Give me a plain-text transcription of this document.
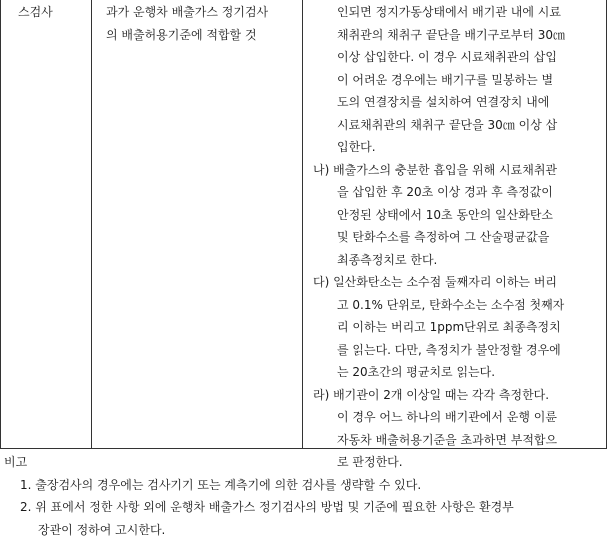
스검사	과가 운행차 배출가스 정기검사
의 배출허용기준에 적합할 것
인되면 정지가동상태에서 배기관 내에 시료
채취관의 채취구 끝단을 배기구로부터 30㎝
이상 삽입한다. 이 경우 시료채취관의 삽입
이 어려운 경우에는 배기구를 밀봉하는 별
도의 연결장치를 설치하여 연결장치 내에
시료채취관의 채취구 끝단을 30㎝ 이상 삽
입한다.
나) 배출가스의 충분한 흡입을 위해 시료채취관
을 삽입한 후 20초 이상 경과 후 측정값이
안정된 상태에서 10초 동안의 일산화탄소
및 탄화수소를 측정하여 그 산술평균값을
최종측정치로 한다.
다) 일산화탄소는 소수점 둘째자리 이하는 버리
고 0.1% 단위로, 탄화수소는 소수점 첫째자
리 이하는 버리고 1ppm단위로 최종측정치
를 읽는다. 다만, 측정치가 불안정할 경우에
는 20초간의 평균치로 읽는다.
라) 배기관이 2개 이상일 때는 각각 측정한다.
이 경우 어느 하나의 배기관에서 운행 이륜
자동차 배출허용기준을 초과하면 부적합으
로 판정한다.
비고
1. 출장검사의 경우에는 검사기기 또는 계측기에 의한 검사를 생략할 수 있다.
2. 위 표에서 정한 사항 외에 운행차 배출가스 정기검사의 방법 및 기준에 필요한 사항은 환경부
장관이 정하여 고시한다.
